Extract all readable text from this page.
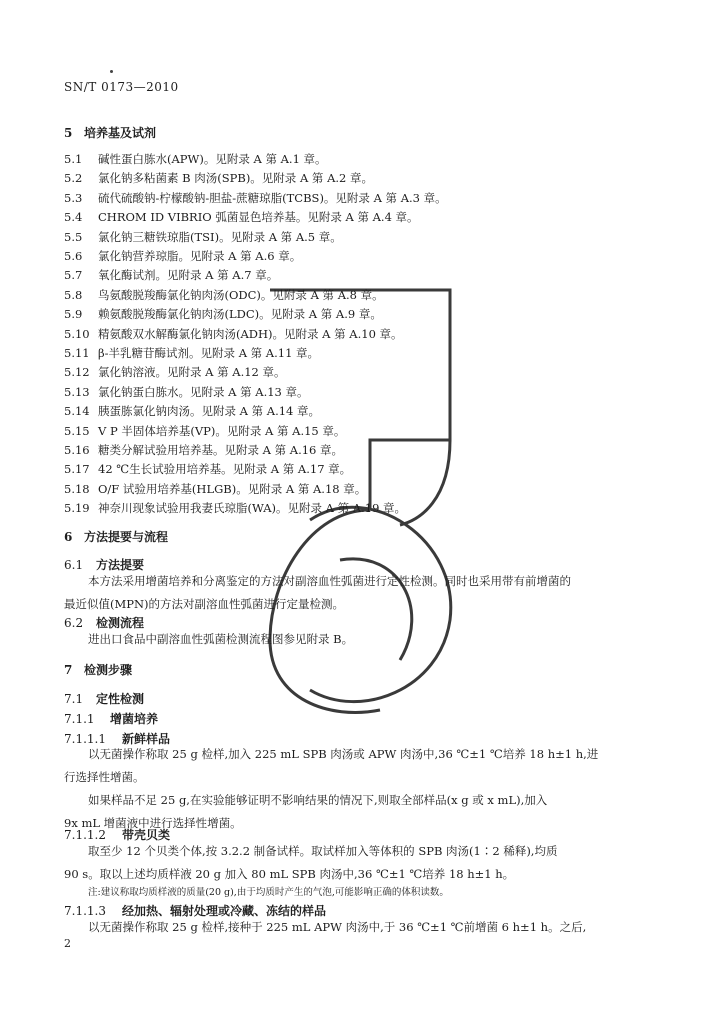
SN/T 0173—2010
5 培养基及试剂
5.1 碱性蛋白胨水(APW)。见附录 A 第 A.1 章。
5.2 氯化钠多粘菌素 B 肉汤(SPB)。见附录 A 第 A.2 章。
5.3 硫代硫酸钠-柠檬酸钠-胆盐-蔗糖琼脂(TCBS)。见附录 A 第 A.3 章。
5.4 CHROM ID VIBRIO 弧菌显色培养基。见附录 A 第 A.4 章。
5.5 氯化钠三糖铁琼脂(TSI)。见附录 A 第 A.5 章。
5.6 氯化钠营养琼脂。见附录 A 第 A.6 章。
5.7 氧化酶试剂。见附录 A 第 A.7 章。
5.8 鸟氨酸脱羧酶氯化钠肉汤(ODC)。见附录 A 第 A.8 章。
5.9 赖氨酸脱羧酶氯化钠肉汤(LDC)。见附录 A 第 A.9 章。
5.10 精氨酸双水解酶氯化钠肉汤(ADH)。见附录 A 第 A.10 章。
5.11 β-半乳糖苷酶试剂。见附录 A 第 A.11 章。
5.12 氯化钠溶液。见附录 A 第 A.12 章。
5.13 氯化钠蛋白胨水。见附录 A 第 A.13 章。
5.14 胰蛋胨氯化钠肉汤。见附录 A 第 A.14 章。
5.15 V P 半固体培养基(VP)。见附录 A 第 A.15 章。
5.16 糖类分解试验用培养基。见附录 A 第 A.16 章。
5.17 42 ℃生长试验用培养基。见附录 A 第 A.17 章。
5.18 O/F 试验用培养基(HLGB)。见附录 A 第 A.18 章。
5.19 神奈川现象试验用我妻氏琼脂(WA)。见附录 A 第 A.19 章。
6 方法提要与流程
6.1 方法提要
本方法采用增菌培养和分离鉴定的方法对副溶血性弧菌进行定性检测。同时也采用带有前增菌的
最近似值(MPN)的方法对副溶血性弧菌进行定量检测。
6.2 检测流程
进出口食品中副溶血性弧菌检测流程图参见附录 B。
7 检测步骤
7.1 定性检测
7.1.1 增菌培养
7.1.1.1 新鲜样品
以无菌操作称取 25 g 检样,加入 225 mL SPB 肉汤或 APW 肉汤中,36 ℃±1 ℃培养 18 h±1 h,进
行选择性增菌。
如果样品不足 25 g,在实验能够证明不影响结果的情况下,则取全部样品(x g 或 x mL),加入
9x mL 增菌液中进行选择性增菌。
7.1.1.2 带壳贝类
取至少 12 个贝类个体,按 3.2.2 制备试样。取试样加入等体积的 SPB 肉汤(1∶2 稀释),均质
90 s。取以上述均质样液 20 g 加入 80 mL SPB 肉汤中,36 ℃±1 ℃培养 18 h±1 h。
注:建议称取均质样液的质量(20 g),由于均质时产生的气泡,可能影响正确的体积读数。
7.1.1.3 经加热、辐射处理或冷藏、冻结的样品
以无菌操作称取 25 g 检样,接种于 225 mL APW 肉汤中,于 36 ℃±1 ℃前增菌 6 h±1 h。之后,
2
